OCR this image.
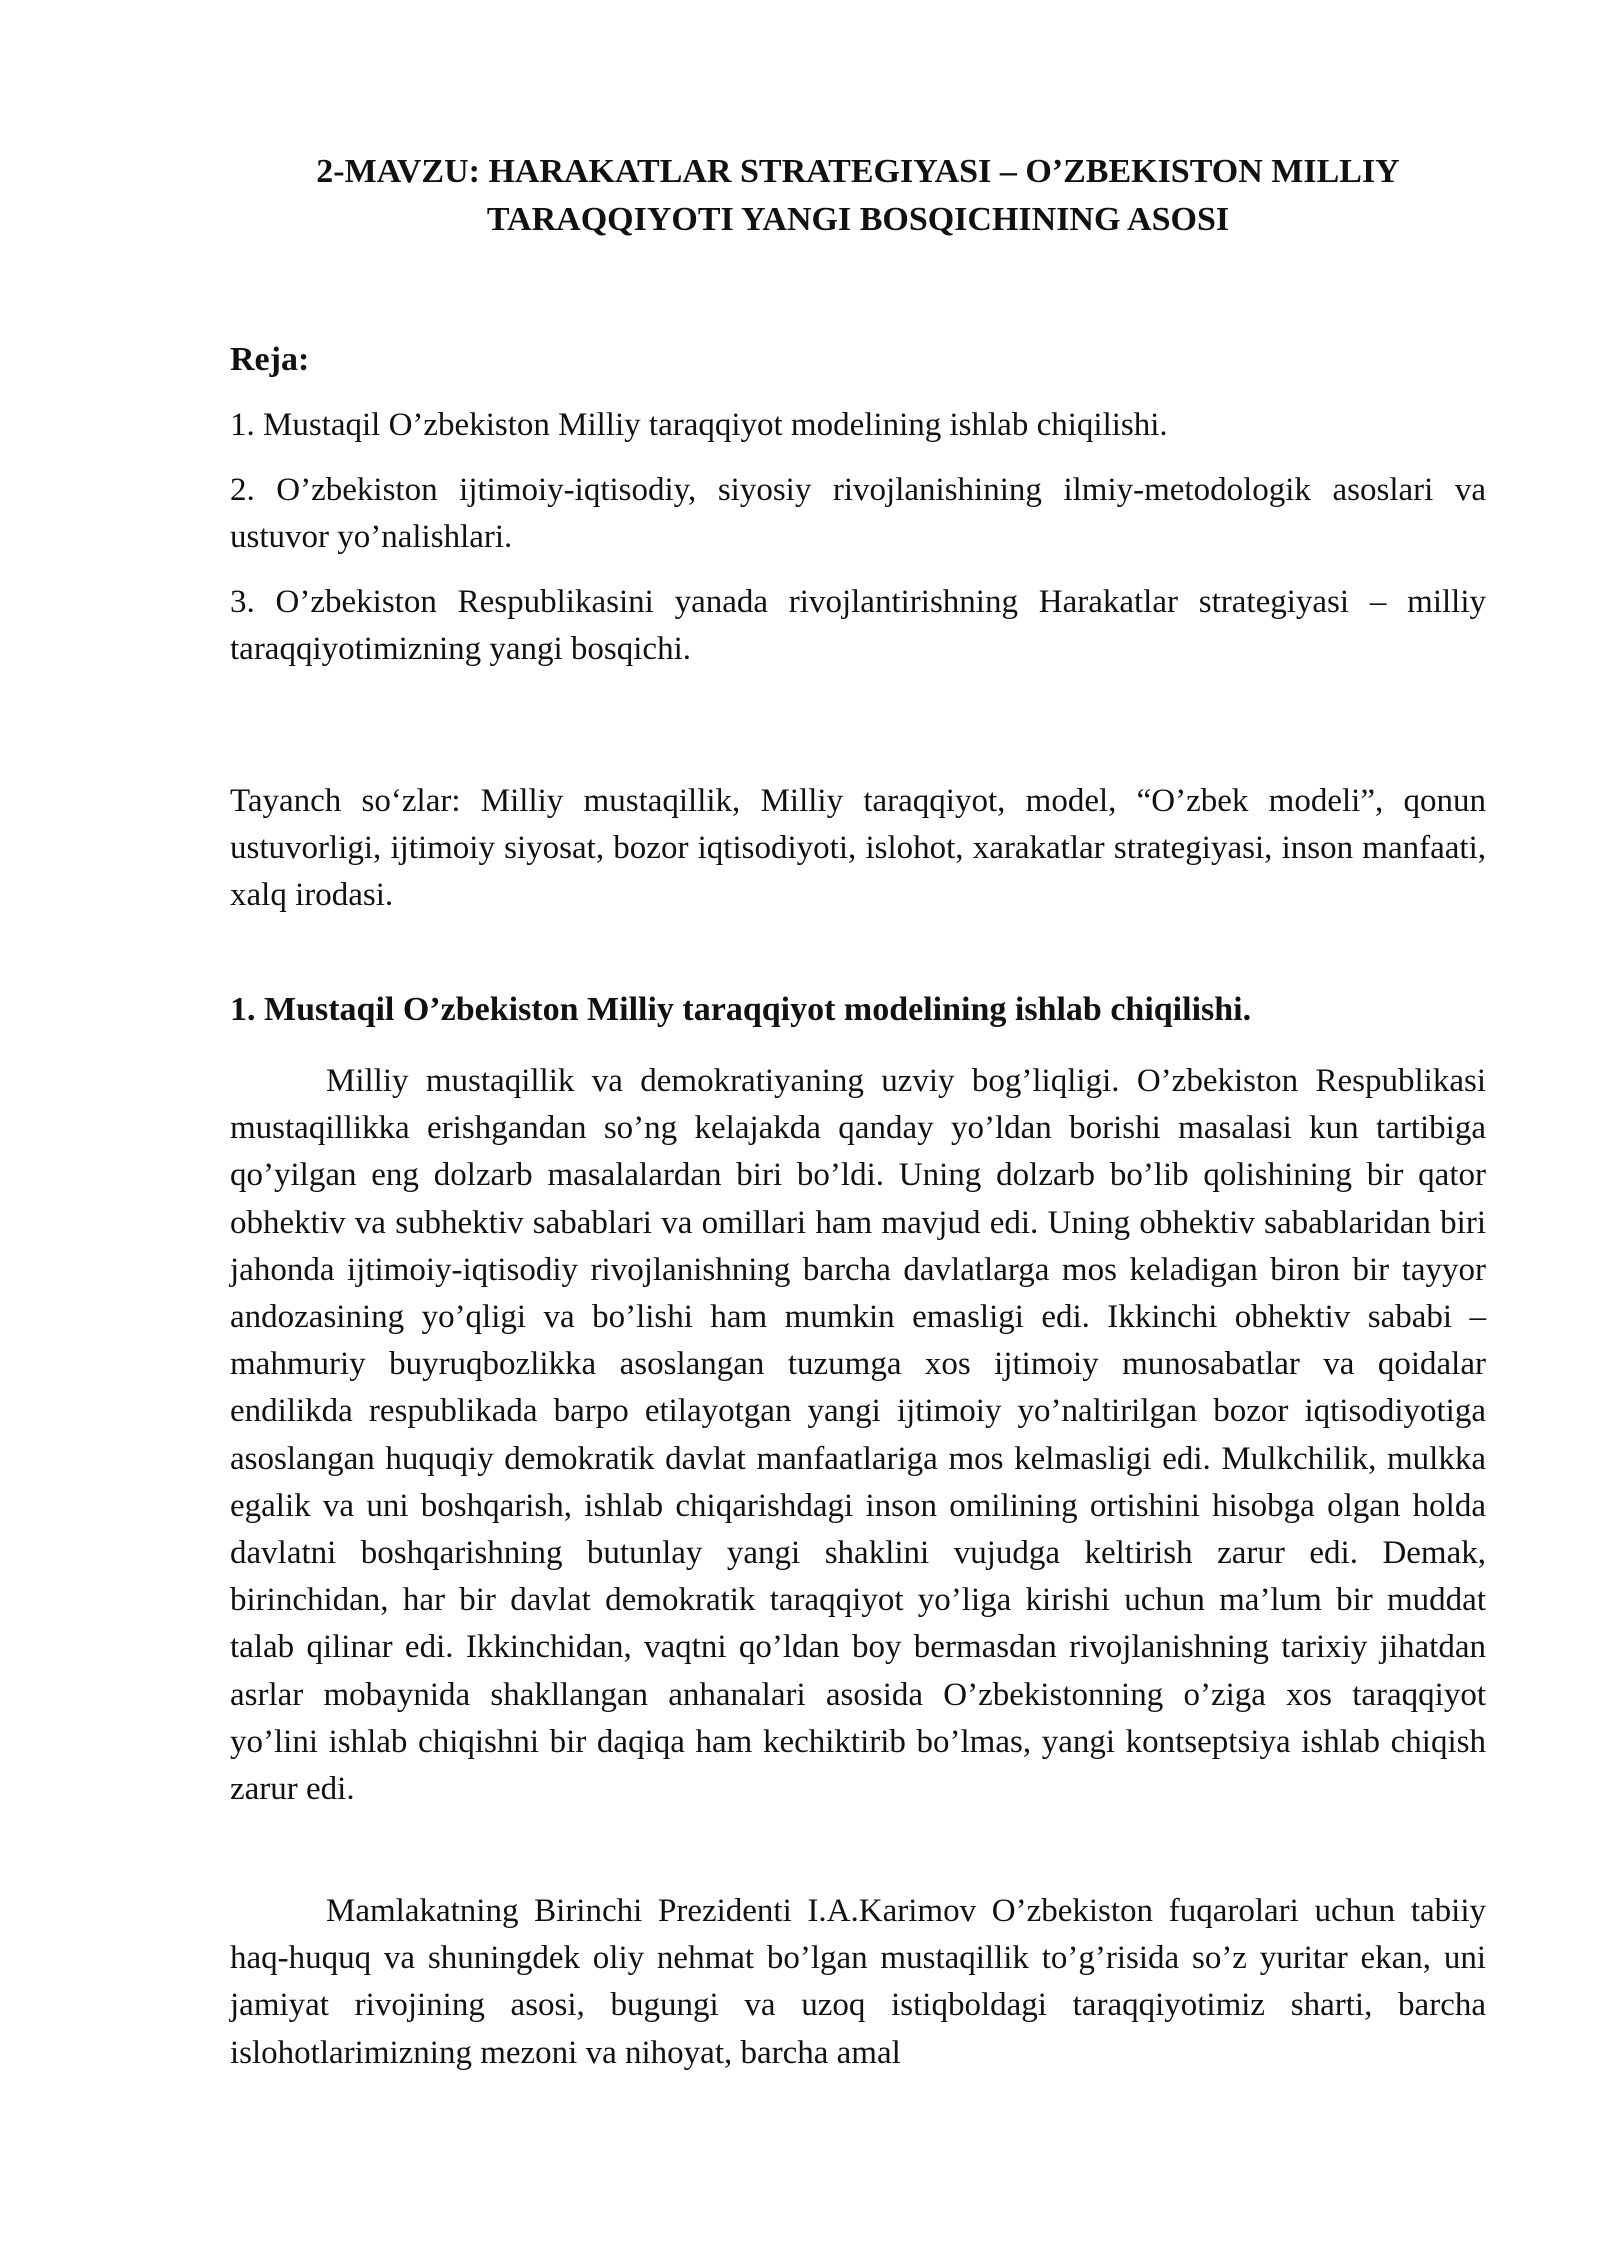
2-MAVZU: HARAKATLAR STRATEGIYASI – O’ZBEKISTON MILLIY
TARAQQIYOTI YANGI BOSQICHINING ASOSI

Reja:

1. Mustaqil O’zbekiston Milliy taraqqiyot modelining ishlab chiqilishi.
2. O’zbekiston ijtimoiy-iqtisodiy, siyosiy rivojlanishining ilmiy-metodologik asoslari va ustuvor yo’nalishlari.
3. O’zbekiston Respublikasini yanada rivojlantirishning Harakatlar strategiyasi – milliy taraqqiyotimizning yangi bosqichi.

Tayanch so‘zlar: Milliy mustaqillik, Milliy taraqqiyot, model, “O’zbek modeli”, qonun ustuvorligi, ijtimoiy siyosat, bozor iqtisodiyoti, islohot, xarakatlar strategiyasi, inson manfaati, xalq irodasi.

1. Mustaqil O’zbekiston Milliy taraqqiyot modelining ishlab chiqilishi.

Milliy mustaqillik va demokratiyaning uzviy bog’liqligi. O’zbekiston Respublikasi mustaqillikka erishgandan so’ng kelajakda qanday yo’ldan borishi masalasi kun tartibiga qo’yilgan eng dolzarb masalalardan biri bo’ldi. Uning dolzarb bo’lib qolishining bir qator obhektiv va subhektiv sabablari va omillari ham mavjud edi. Uning obhektiv sabablaridan biri jahonda ijtimoiy-iqtisodiy rivojlanishning barcha davlatlarga mos keladigan biron bir tayyor andozasining yo’qligi va bo’lishi ham mumkin emasligi edi. Ikkinchi obhektiv sababi – mahmuriy buyruqbozlikka asoslangan tuzumga xos ijtimoiy munosabatlar va qoidalar endilikda respublikada barpo etilayotgan yangi ijtimoiy yo’naltirilgan bozor iqtisodiyotiga asoslangan huquqiy demokratik davlat manfaatlariga mos kelmasligi edi. Mulkchilik, mulkka egalik va uni boshqarish, ishlab chiqarishdagi inson omilining ortishini hisobga olgan holda davlatni boshqarishning butunlay yangi shaklini vujudga keltirish zarur edi. Demak, birinchidan, har bir davlat demokratik taraqqiyot yo’liga kirishi uchun ma’lum bir muddat talab qilinar edi. Ikkinchidan, vaqtni qo’ldan boy bermasdan rivojlanishning tarixiy jihatdan asrlar mobaynida shakllangan anhanalari asosida O’zbekistonning o’ziga xos taraqqiyot yo’lini ishlab chiqishni bir daqiqa ham kechiktirib bo’lmas, yangi kontseptsiya ishlab chiqish zarur edi.

Mamlakatning Birinchi Prezidenti I.A.Karimov O’zbekiston fuqarolari uchun tabiiy haq-huquq va shuningdek oliy nehmat bo’lgan mustaqillik to’g’risida so’z yuritar ekan, uni jamiyat rivojining asosi, bugungi va uzoq istiqboldagi taraqqiyotimiz sharti, barcha islohotlarimizning mezoni va nihoyat, barcha amal
